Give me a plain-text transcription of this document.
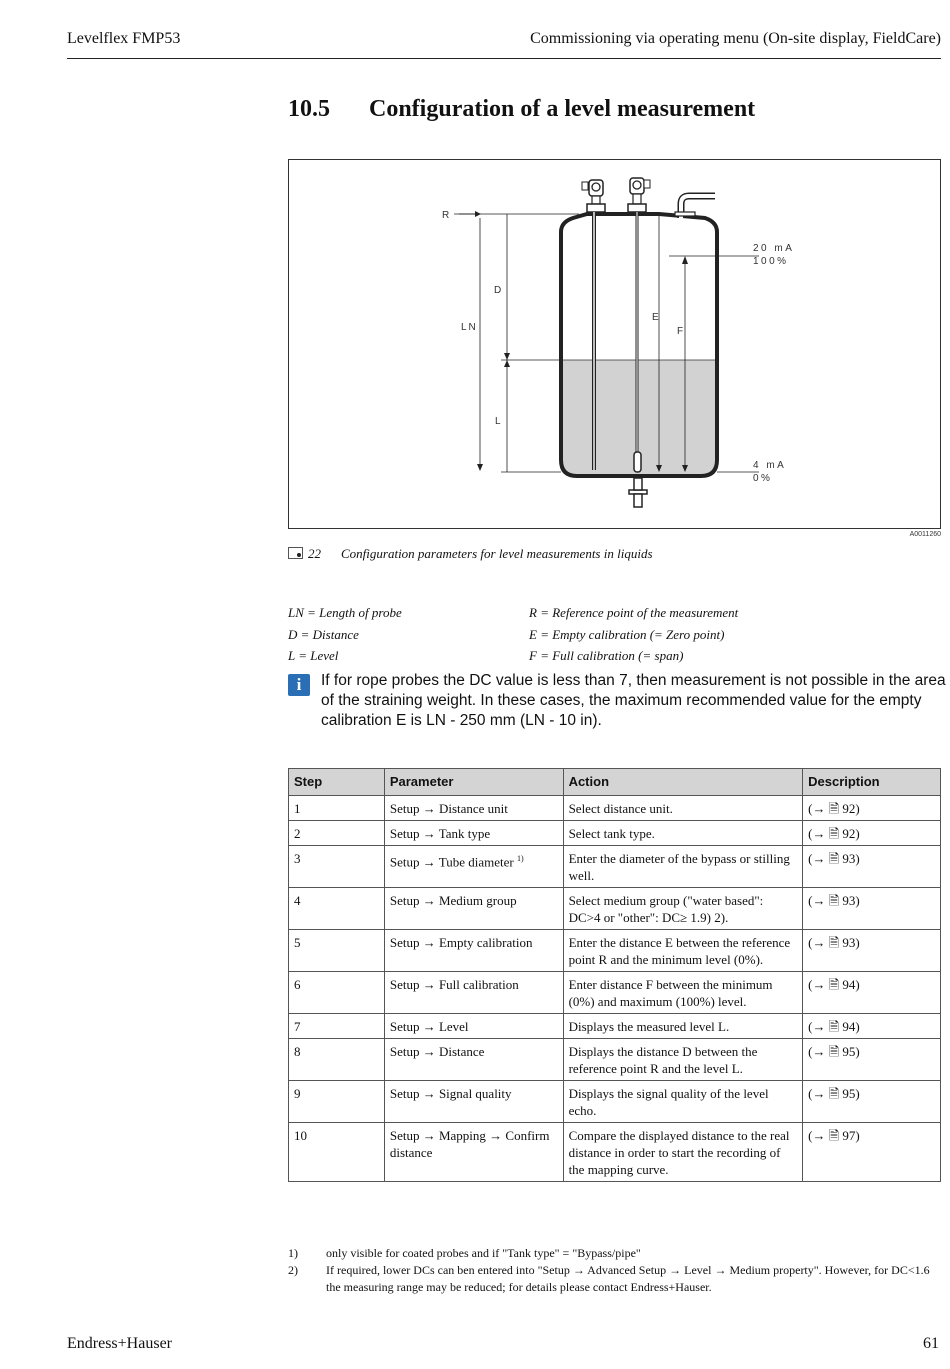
Levelflex FMP53	Commissioning via operating menu (On-site display, FieldCare)
10.5 Configuration of a level measurement
R
LN
D
L
E
F
20 mA
100%
4 mA
0%
A0011260
22 Configuration parameters for level measurements in liquids
LN = Length of probe
D = Distance
L = Level
R = Reference point of the measurement
E = Empty calibration (= Zero point)
F = Full calibration (= span)
i	If for rope probes the DC value is less than 7, then measurement is not possible in the area of the straining weight. In these cases, the maximum recommended value for the empty calibration E is LN - 250 mm (LN - 10 in).
Step	Parameter	Action	Description
1	Setup → Distance unit	Select distance unit.	(→ 🗎 92)
2	Setup → Tank type	Select tank type.	(→ 🗎 92)
3	Setup → Tube diameter $^{1)}$	Enter the diameter of the bypass or stilling well.	(→ 🗎 93)
4	Setup → Medium group	Select medium group ("water based": DC>4 or "other": DC≥ 1.9) 2).	(→ 🗎 93)
5	Setup → Empty calibration	Enter the distance E between the reference point R and the minimum level (0%).	(→ 🗎 93)
6	Setup → Full calibration	Enter distance F between the minimum (0%) and maximum (100%) level.	(→ 🗎 94)
7	Setup → Level	Displays the measured level L.	(→ 🗎 94)
8	Setup → Distance	Displays the distance D between the reference point R and the level L.	(→ 🗎 95)
9	Setup → Signal quality	Displays the signal quality of the level echo.	(→ 🗎 95)
10	Setup → Mapping → Confirm distance	Compare the displayed distance to the real distance in order to start the recording of the mapping curve.	(→ 🗎 97)
1) only visible for coated probes and if "Tank type" = "Bypass/pipe"
2) If required, lower DCs can ben entered into "Setup → Advanced Setup → Level → Medium property". However, for DC<1.6 the measuring range may be reduced; for details please contact Endress+Hauser.
Endress+Hauser	61
